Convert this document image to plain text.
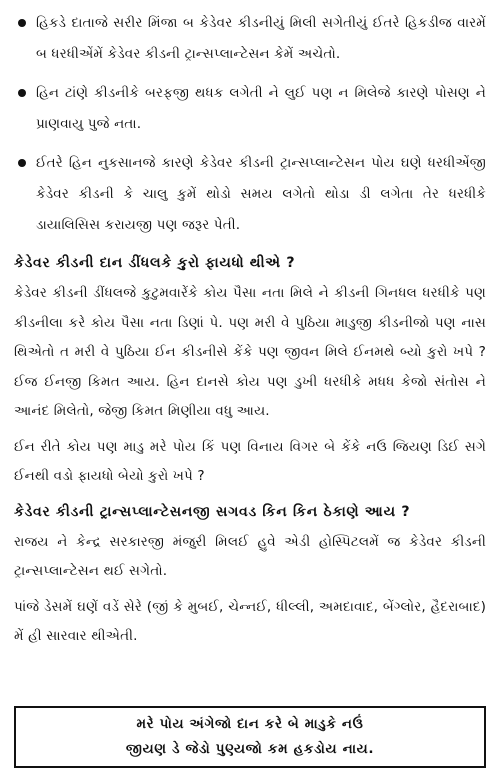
હિકડે દાતાજે સરીર મિંજા બ કેડેવર કીડનીયું મિલી સગેતીયું ઈતરે હિકડીજ વારમેં બ ધરધીએંમેં કેડેવર કીડની ટ્રાન્સપ્લાન્ટેસન કેમેં અચેતો.
હિન ટાંણે કીડનીકે બરફજી થધક લગેતી ને લુઈ પણ ન મિલેજે કારણે પોસણ ને પ્રાણવાયુ પુજે નતા.
ઈતરે હિન નુકસાનજે કારણે કેડેવર કીડની ટ્રાન્સપ્લાન્ટેસન પોય ઘણે ધરધીએંજી કેડેવર કીડની કે ચાલુ કુમેં થોડો સમય લગેતો થોડા ડી લગેતા તેર ધરધીકે ડાયાલિસિસ કરાયજી પણ જરૂર પેતી.
કેડેવર કીડની દાન ડીંધલકે કુરો ફાયધો થીએ ?

કેડેવર કીડની ડીંધલજે કુટુમવારેંકે કોય પૈસા નતા મિલે ને કીડની ગિનધલ ધરધીકે પણ કીડનીલા કરે કોય પૈસા નતા ડિણાં પે. પણ મરી વે પુઠિયા માડુજી કીડનીજો પણ નાસ થિએતો ત મરી વે પુઠિયા ઈન કીડનીસે કેંકે પણ જીવન મિલે ઈનમથે બ્યો કુરો ખપે ? ઈજ ઈનજી કિમત આય. હિન દાનસે કોય પણ ડુખી ધરધીકે મધધ કેજો સંતોસ ને આનંદ મિલેતો, જેજી કિમત મિણીયા વધુ આય.

ઈન રીતે કોય પણ માડુ મરે પોય કિં પણ વિનાય વિગર બે કેંકે નઉ જિયણ ડિઈ સગે ઈનથી વડો ફાયધો બેયો કુરો ખપે ?

કેડેવર કીડની ટ્રાન્સપ્લાન્ટેસનજી સગવડ કિન કિન ઠેકાણે આય ?

રાજય ને કેન્દ્ર સરકારજી મંજુરી મિલઈ હુવે એડી હોસ્પિટલમેં જ કેડેવર કીડની ટ્રાન્સપ્લાન્ટેસન થઈ સગેતો.

પાંજે ડેસમેં ઘણેં વડેં સેરે (જીં કે મુબઈ, ચેન્નઈ, ધીલ્લી, અમદાવાદ, બેંગ્લોર, હૈદરાબાદ) મેં હી સારવાર થીએતી.

મરે પોય અંગેજો દાન કરે બે માડુકે નઉં
જીયણ ડે જેડો પુણ્યજો કમ હકડોય નાય.
